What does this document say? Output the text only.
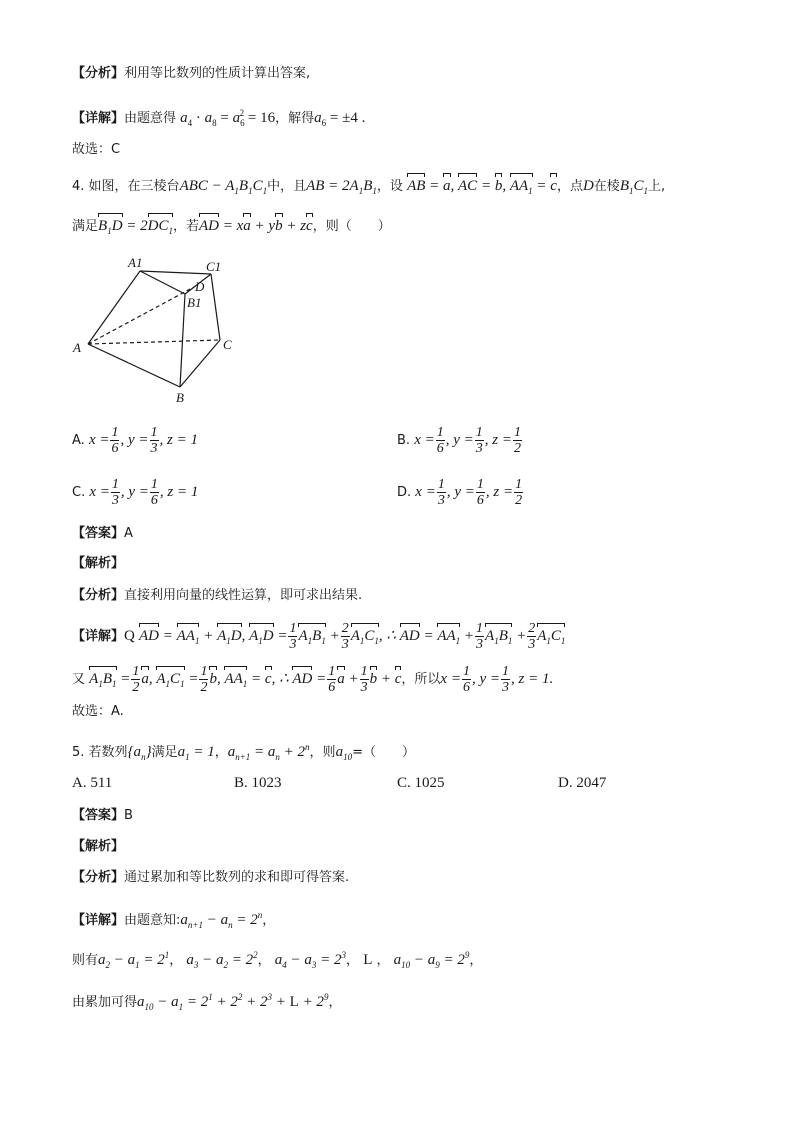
【分析】利用等比数列的性质计算出答案,
【详解】由题意得 $a_4 \cdot a_8 = a_6^2 = 16$，解得$a_6 = \pm 4$ .
故选：C
4. 如图，在三棱台ABC − $A_1B_1C_1$中，且AB = $2A_1B_1$，设 AB = a, AC = b, $AA_1 = c$，点D在棱$B_1C_1$上,
满足$B_1D = 2DC_1$，若AD = xa + yb + zc，则（　　）
A1	C1
D
B1
A	C
B
A. $x = \frac{1}{6}$ , $y = \frac{1}{3}$ , z = 1	B. $x = \frac{1}{6}$ , $y = \frac{1}{3}$ , $z = \frac{1}{2}$
C. $x = \frac{1}{3}$ , $y = \frac{1}{6}$ , z = 1	D. $x = \frac{1}{3}$ , $y = \frac{1}{6}$ , $z = \frac{1}{2}$
【答案】A
【解析】
【分析】直接利用向量的线性运算，即可求出结果.
【详解】Q AD = $AA_1 + A_1D$, $A_1D = \frac{1}{3} A_1B_1 + \frac{2}{3} A_1C_1$, ∴ AD = $AA_1 + \frac{1}{3} A_1B_1 + \frac{2}{3} A_1C_1$
又 $A_1B_1 = \frac{1}{2} a$, $A_1C_1 = \frac{1}{2} b$, $AA_1 = c$, ∴ AD = $\frac{1}{6}$ $a + \frac{1}{3}$ b + c，所以$x = \frac{1}{6}$ , $y = \frac{1}{3}$ , z = 1.
故选：A.
5. 若数列$\{a_n\}$满足$a_1 = 1$，$a_{n+1} = a_n + 2^n$，则$a_{10}=$（　　）
A. 511	B. 1023	C. 1025	D. 2047
【答案】B
【解析】
【分析】通过累加和等比数列的求和即可得答案.
【详解】由题意知$:a_{n+1} - a_n = 2^n$，
则有$a_2 - a_1 = 2^1$， $a_3 - a_2 = 2^2$， $a_4 - a_3 = 2^3$， L ， $a_{10} - a_9 = 2^9$，
由累加可得$a_{10} - a_1 = 2^1 + 2^2 + 2^3 + L + 2^9$，
